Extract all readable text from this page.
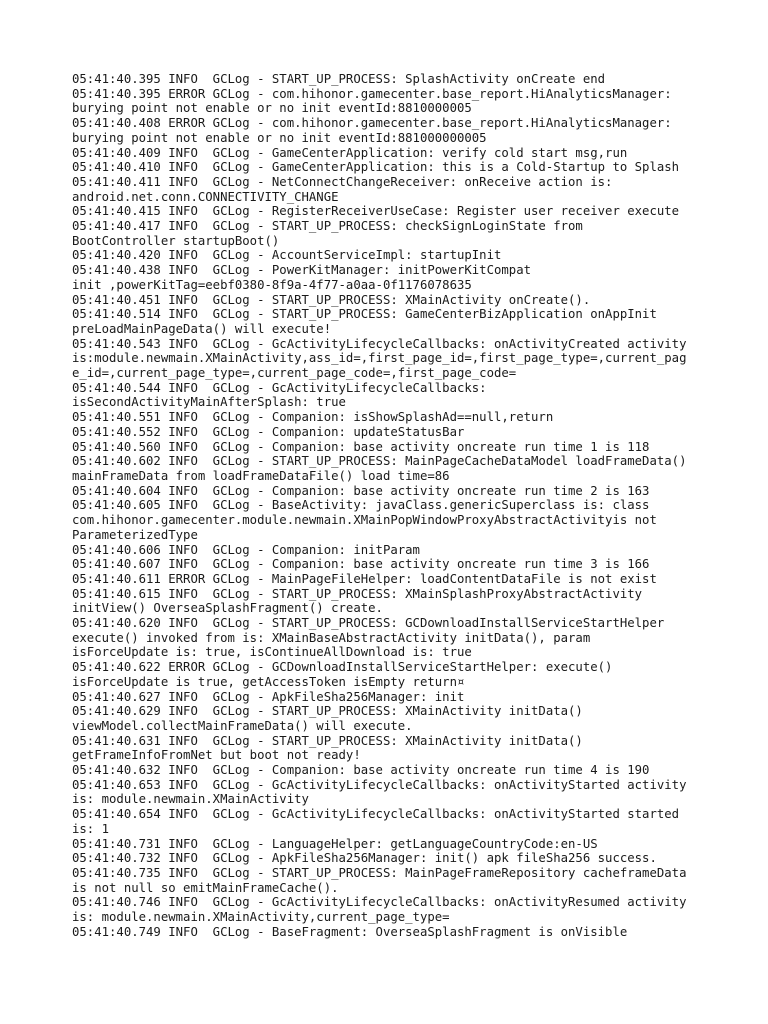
05:41:40.395 INFO  GCLog - START_UP_PROCESS: SplashActivity onCreate end
05:41:40.395 ERROR GCLog - com.hihonor.gamecenter.base_report.HiAnalyticsManager:
burying point not enable or no init eventId:8810000005
05:41:40.408 ERROR GCLog - com.hihonor.gamecenter.base_report.HiAnalyticsManager:
burying point not enable or no init eventId:881000000005
05:41:40.409 INFO  GCLog - GameCenterApplication: verify cold start msg,run
05:41:40.410 INFO  GCLog - GameCenterApplication: this is a Cold-Startup to Splash
05:41:40.411 INFO  GCLog - NetConnectChangeReceiver: onReceive action is:
android.net.conn.CONNECTIVITY_CHANGE
05:41:40.415 INFO  GCLog - RegisterReceiverUseCase: Register user receiver execute
05:41:40.417 INFO  GCLog - START_UP_PROCESS: checkSignLoginState from
BootController startupBoot()
05:41:40.420 INFO  GCLog - AccountServiceImpl: startupInit
05:41:40.438 INFO  GCLog - PowerKitManager: initPowerKitCompat
init ,powerKitTag=eebf0380-8f9a-4f77-a0aa-0f1176078635
05:41:40.451 INFO  GCLog - START_UP_PROCESS: XMainActivity onCreate().
05:41:40.514 INFO  GCLog - START_UP_PROCESS: GameCenterBizApplication onAppInit
preLoadMainPageData() will execute!
05:41:40.543 INFO  GCLog - GcActivityLifecycleCallbacks: onActivityCreated activity
is:module.newmain.XMainActivity,ass_id=,first_page_id=,first_page_type=,current_pag
e_id=,current_page_type=,current_page_code=,first_page_code=
05:41:40.544 INFO  GCLog - GcActivityLifecycleCallbacks:
isSecondActivityMainAfterSplash: true
05:41:40.551 INFO  GCLog - Companion: isShowSplashAd==null,return
05:41:40.552 INFO  GCLog - Companion: updateStatusBar
05:41:40.560 INFO  GCLog - Companion: base activity oncreate run time 1 is 118
05:41:40.602 INFO  GCLog - START_UP_PROCESS: MainPageCacheDataModel loadFrameData()
mainFrameData from loadFrameDataFile() load time=86
05:41:40.604 INFO  GCLog - Companion: base activity oncreate run time 2 is 163
05:41:40.605 INFO  GCLog - BaseActivity: javaClass.genericSuperclass is: class
com.hihonor.gamecenter.module.newmain.XMainPopWindowProxyAbstractActivityis not
ParameterizedType
05:41:40.606 INFO  GCLog - Companion: initParam
05:41:40.607 INFO  GCLog - Companion: base activity oncreate run time 3 is 166
05:41:40.611 ERROR GCLog - MainPageFileHelper: loadContentDataFile is not exist
05:41:40.615 INFO  GCLog - START_UP_PROCESS: XMainSplashProxyAbstractActivity
initView() OverseaSplashFragment() create.
05:41:40.620 INFO  GCLog - START_UP_PROCESS: GCDownloadInstallServiceStartHelper
execute() invoked from is: XMainBaseAbstractActivity initData(), param
isForceUpdate is: true, isContinueAllDownload is: true
05:41:40.622 ERROR GCLog - GCDownloadInstallServiceStartHelper: execute()
isForceUpdate is true, getAccessToken isEmpty return¤
05:41:40.627 INFO  GCLog - ApkFileSha256Manager: init
05:41:40.629 INFO  GCLog - START_UP_PROCESS: XMainActivity initData()
viewModel.collectMainFrameData() will execute.
05:41:40.631 INFO  GCLog - START_UP_PROCESS: XMainActivity initData()
getFrameInfoFromNet but boot not ready!
05:41:40.632 INFO  GCLog - Companion: base activity oncreate run time 4 is 190
05:41:40.653 INFO  GCLog - GcActivityLifecycleCallbacks: onActivityStarted activity
is: module.newmain.XMainActivity
05:41:40.654 INFO  GCLog - GcActivityLifecycleCallbacks: onActivityStarted started
is: 1
05:41:40.731 INFO  GCLog - LanguageHelper: getLanguageCountryCode:en-US
05:41:40.732 INFO  GCLog - ApkFileSha256Manager: init() apk fileSha256 success.
05:41:40.735 INFO  GCLog - START_UP_PROCESS: MainPageFrameRepository cacheframeData
is not null so emitMainFrameCache().
05:41:40.746 INFO  GCLog - GcActivityLifecycleCallbacks: onActivityResumed activity
is: module.newmain.XMainActivity,current_page_type=
05:41:40.749 INFO  GCLog - BaseFragment: OverseaSplashFragment is onVisible
